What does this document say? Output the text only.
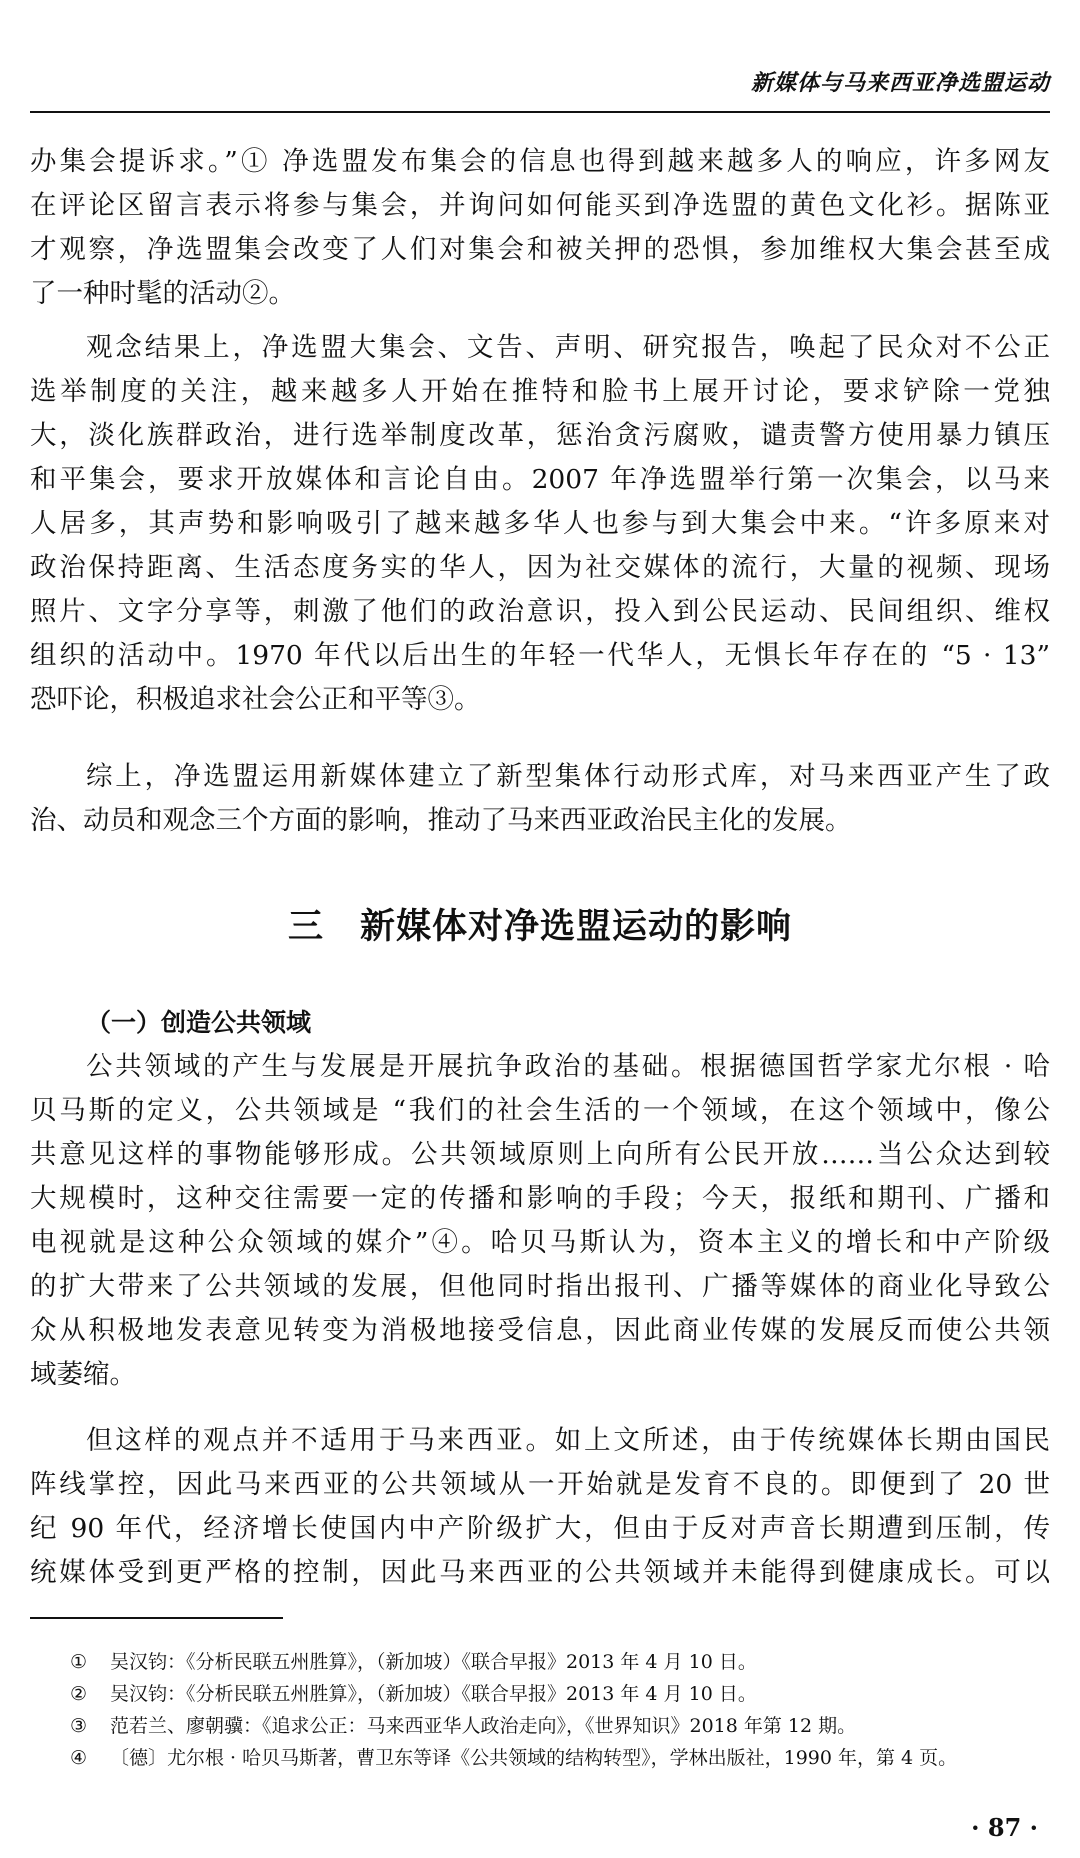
新媒体与马来西亚净选盟运动
办集会提诉求。”① 净选盟发布集会的信息也得到越来越多人的响应，许多网友
在评论区留言表示将参与集会，并询问如何能买到净选盟的黄色文化衫。据陈亚
才观察，净选盟集会改变了人们对集会和被关押的恐惧，参加维权大集会甚至成
了一种时髦的活动②。
观念结果上，净选盟大集会、文告、声明、研究报告，唤起了民众对不公正
选举制度的关注，越来越多人开始在推特和脸书上展开讨论，要求铲除一党独
大，淡化族群政治，进行选举制度改革，惩治贪污腐败，谴责警方使用暴力镇压
和平集会，要求开放媒体和言论自由。2007 年净选盟举行第一次集会，以马来
人居多，其声势和影响吸引了越来越多华人也参与到大集会中来。“许多原来对
政治保持距离、生活态度务实的华人，因为社交媒体的流行，大量的视频、现场
照片、文字分享等，刺激了他们的政治意识，投入到公民运动、民间组织、维权
组织的活动中。1970 年代以后出生的年轻一代华人，无惧长年存在的 “5 · 13”
恐吓论，积极追求社会公正和平等③。
综上，净选盟运用新媒体建立了新型集体行动形式库，对马来西亚产生了政
治、动员和观念三个方面的影响，推动了马来西亚政治民主化的发展。
三　新媒体对净选盟运动的影响
（一）创造公共领域
公共领域的产生与发展是开展抗争政治的基础。根据德国哲学家尤尔根 · 哈
贝马斯的定义，公共领域是 “我们的社会生活的一个领域，在这个领域中，像公
共意见这样的事物能够形成。公共领域原则上向所有公民开放……当公众达到较
大规模时，这种交往需要一定的传播和影响的手段；今天，报纸和期刊、广播和
电视就是这种公众领域的媒介”④。哈贝马斯认为，资本主义的增长和中产阶级
的扩大带来了公共领域的发展，但他同时指出报刊、广播等媒体的商业化导致公
众从积极地发表意见转变为消极地接受信息，因此商业传媒的发展反而使公共领
域萎缩。
但这样的观点并不适用于马来西亚。如上文所述，由于传统媒体长期由国民
阵线掌控，因此马来西亚的公共领域从一开始就是发育不良的。即便到了 20 世
纪 90 年代，经济增长使国内中产阶级扩大，但由于反对声音长期遭到压制，传
统媒体受到更严格的控制，因此马来西亚的公共领域并未能得到健康成长。可以
① 吴汉钧：《分析民联五州胜算》，（新加坡）《联合早报》2013 年 4 月 10 日。
② 吴汉钧：《分析民联五州胜算》，（新加坡）《联合早报》2013 年 4 月 10 日。
③ 范若兰、廖朝骥：《追求公正：马来西亚华人政治走向》，《世界知识》2018 年第 12 期。
④ 〔德〕尤尔根 · 哈贝马斯著，曹卫东等译《公共领域的结构转型》，学林出版社，1990 年，第 4 页。
· 87 ·
